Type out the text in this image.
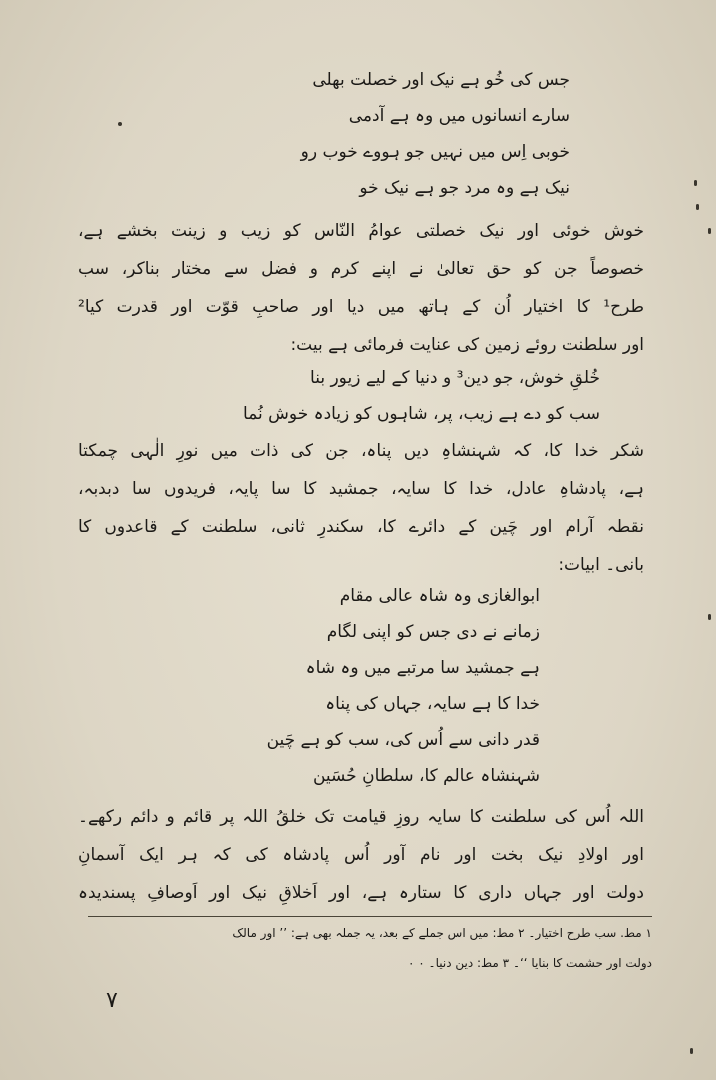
جس کی خُو ہے نیک اور خصلت بھلی
سارے انسانوں میں وہ ہے آدمی
خوبی اِس میں نہیں جو ہووے خوب رو
نیک ہے وہ مرد جو ہے نیک خو
خوش خوئی اور نیک خصلتی عوامُ النّاس کو زیب و زینت بخشے ہے،
خصوصاً جن کو حق تعالیٰ نے اپنے کرم و فضل سے مختار بناکر، سب
طرح¹ کا اختیار اُن کے ہاتھ میں دیا اور صاحبِ قوّت اور قدرت کیا²
اور سلطنت روئے زمین کی عنایت فرمائی ہے بیت:
خُلقِ خوش، جو دین³ و دنیا کے لیے زیور بنا
سب کو دے ہے زیب، پر، شاہوں کو زیادہ خوش نُما
شکر خدا کا، کہ شہنشاہِ دیں پناہ، جن کی ذات میں نورِ الٰہی چمکتا
ہے، پادشاہِ عادل، خدا کا سایہ، جمشید کا سا پایہ، فریدوں سا دبدبہ،
نقطہ آرام اور چَین کے دائرے کا، سکندرِ ثانی، سلطنت کے قاعدوں کا
بانی۔ ابیات:
ابوالغازی وہ شاہ عالی مقام
زمانے نے دی جس کو اپنی لگام
ہے جمشید سا مرتبے میں وہ شاہ
خدا کا ہے سایہ، جہاں کی پناہ
قدر دانی سے اُس کی، سب کو ہے چَین
شہنشاہ عالم کا، سلطانِ حُسَین
اللہ اُس کی سلطنت کا سایہ روزِ قیامت تک خلقُ اللہ پر قائم و دائم رکھے۔
اور اولادِ نیک بخت اور نام آور اُس پادشاہ کی کہ ہر ایک آسمانِ
دولت اور جہاں داری کا ستارہ ہے، اور اَخلاقِ نیک اور اَوصافِ پسندیدہ
۱ مط. سب طرح اختیار۔ ۲ مط: میں اس جملے کے بعد، یہ جملہ بھی ہے: ’’ اور مالک
دولت اور حشمت کا بنایا ‘‘۔ ۳ مط: دین دنیا۔ ۰ ۰
۷
